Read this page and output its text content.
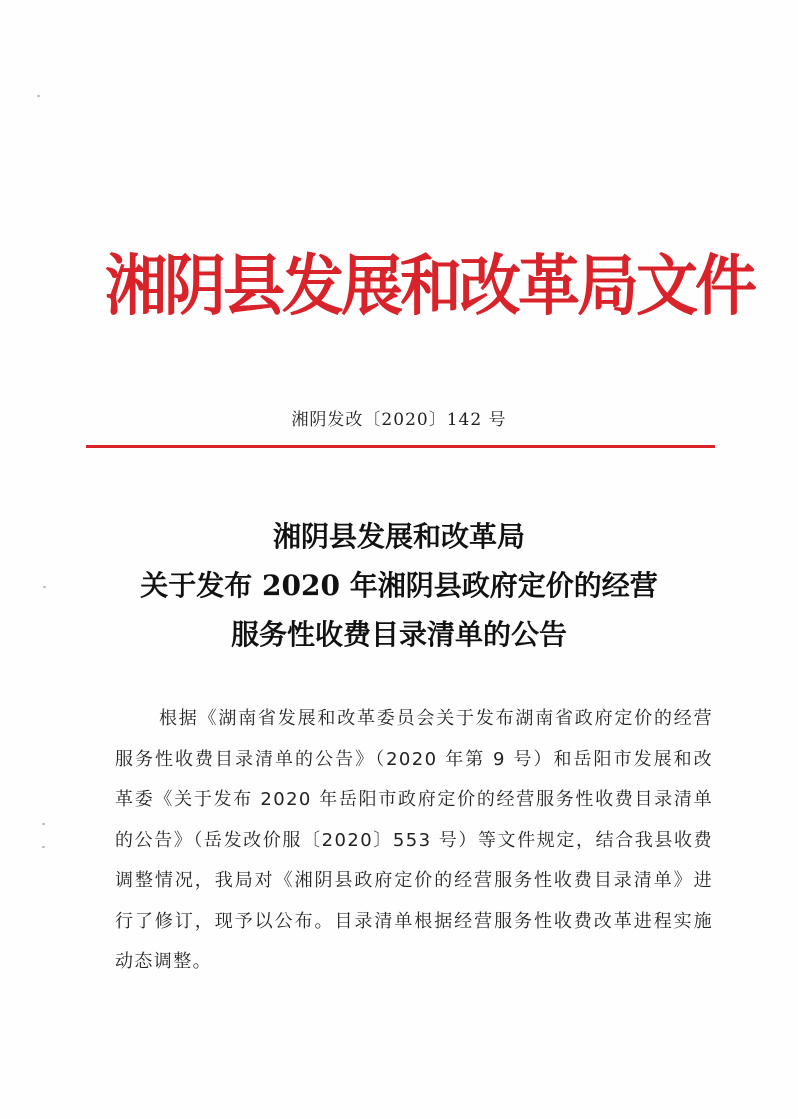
湘阴县发展和改革局文件
湘阴发改〔2020〕142 号
湘阴县发展和改革局
关于发布 2020 年湘阴县政府定价的经营
服务性收费目录清单的公告

根据《湖南省发展和改革委员会关于发布湖南省政府定价的经营服务性收费目录清单的公告》（2020 年第 9 号）和岳阳市发展和改革委《关于发布 2020 年岳阳市政府定价的经营服务性收费目录清单的公告》（岳发改价服〔2020〕553 号）等文件规定，结合我县收费调整情况，我局对《湘阴县政府定价的经营服务性收费目录清单》进行了修订，现予以公布。目录清单根据经营服务性收费改革进程实施动态调整。
